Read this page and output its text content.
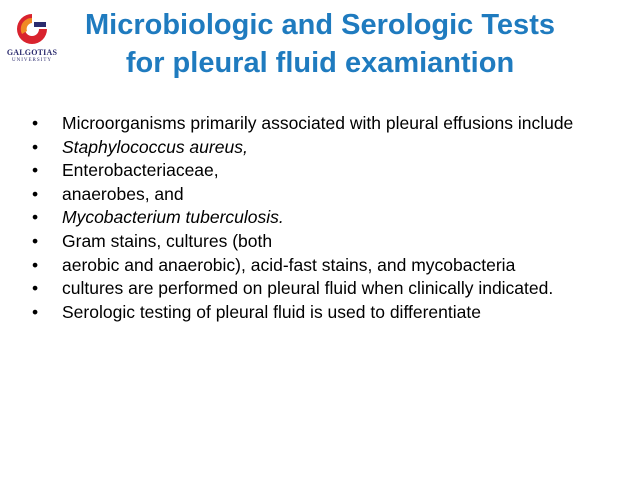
GALGOTIAS
UNIVERSITY
Microbiologic and Serologic Tests
for pleural fluid examiantion
• Microorganisms primarily associated with pleural effusions include
• Staphylococcus aureus,
• Enterobacteriaceae,
• anaerobes, and
• Mycobacterium tuberculosis.
• Gram stains, cultures (both
• aerobic and anaerobic), acid-fast stains, and mycobacteria
• cultures are performed on pleural fluid when clinically indicated.
• Serologic testing of pleural fluid is used to differentiate
